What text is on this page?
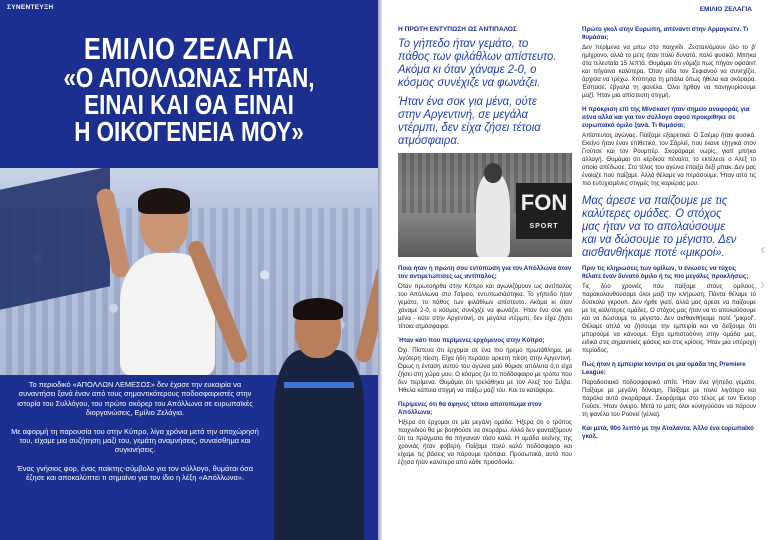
ΣΥΝΕΝΤΕΥΞΗ
ΕΜΙΛΙΟ ΖΕΛΑΓΙΑ
«Ο ΑΠΟΛΛΩΝΑΣ ΗΤΑΝ,
ΕΙΝΑΙ ΚΑΙ ΘΑ ΕΙΝΑΙ
Η ΟΙΚΟΓΕΝΕΙΑ ΜΟΥ»

Το περιοδικό «ΑΠΟΛΛΩΝ ΛΕΜΕΣΟΣ» δεν έχασε την ευκαιρία να συναντήσει ξανά έναν από τους σημαντικότερους ποδοσφαιριστές στην ιστορία του Συλλόγου, του πρώτο σκόρερ του Απόλλωνα σε ευρωπαϊκές διοργανώσεις, Εμίλιο Ζελάγια.

Με αφορμή τη παρουσία του στην Κύπρο, λίγα χρόνια μετά την αποχώρησή του, είχαμε μια συζήτηση μαζί του, γεμάτη αναμνήσεις, συναίσθημα και συγκινήσεις.

Ένας γνήσιος φορ, ένας παίκτης-σύμβολο για τον σύλλογο, θυμάται όσα έζησε και αποκαλύπτει τι σημαίνει για τον ίδιο η λέξη «Απόλλωνα».

ΕΜΙΛΙΟ ΖΕΛΑΓΙΑ
Η ΠΡΩΤΗ ΕΝΤΥΠΩΣΗ ΩΣ ΑΝΤΙΠΑΛΟΣ
Το γήπεδο ήταν γεμάτο, το πάθος των φιλάθλων απίστευτο. Ακόμα κι όταν χάναμε 2-0, ο κόσμος συνέχιζε να φωνάζει.
Ήταν ένα σοκ για μένα, ούτε στην Αργεντινή, σε μεγάλα ντέρμπι, δεν είχα ζήσει τέτοια ατμόσφαιρα.
FON
SPORT
Ποια ήταν η πρώτη σου εντύπωση για τον Απόλλωνα όταν τον αντιμετώπισες ως αντίπαλος;
Όταν πρωτοήρθα στην Κύπρο και αγωνιζόμουν ως αντίπαλος του Απόλλωνα στο Τσίρειο, εντυπωσιάστηκα. Το γήπεδο ήταν γεμάτο, το πάθος των φιλάθλων απίστευτο. Ακόμα κι όταν χάναμε 2-0, ο κόσμος συνέχιζε να φωνάζει. Ήταν ένα σοκ για μένα - ούτε στην Αργεντινή, σε μεγάλα ντέρμπι, δεν είχα ζήσει τέτοια ατμόσφαιρα.
Ήταν κάτι που περίμενες ερχόμενος στην Κύπρο;
Όχι. Πίστευα ότι έρχομαι σε ένα πιο ήρεμο πρωτάθλημα, με λιγότερη πίεση. Είχα ήδη περάσει αρκετή πίεση στην Αργεντινή. Όμως η ένταση αυτού του αγώνα μού θύμισε απόλυτα ό,τι είχα ζήσει στη χώρα μου. Ο κόσμος ζει το ποδόσφαιρο με τρόπο που δεν περίμενα. Θυμάμαι ότι τρελάθηκα με τον Αλεξ του Σιλβα. Ήθελα κάποια στιγμή να παίξω μαζί του. Και το κατάφερα.
Περίμενες ότι θα άφηνες τέτοιο αποτύπωμα στον Απόλλωνα;
Ήξερα ότι έρχομαι σε μία μεγάλη ομάδα. Ήξερα ότι ο τρόπος παιχνιδιού θα με βοηθούσε να σκοράρω. Αλλά δεν φανταζόμουν ότι τα πράγματα θα πήγαιναν τόσο καλά. Η ομάδα εκείνης της χρονιάς ήταν φοβερή. Παίζαμε πολύ καλό ποδόσφαιρο και είχαμε τις βάσεις να πάρουμε τρόπαια. Προσωπικά, αυτό που έζησα ήταν καλύτερο από κάθε προσδοκία.
Πρώτο γκολ στην Ευρώπη, απέναντι στην Αρμαγκετν. Τι θυμάσαι;
Δεν περίμενα να μπω στο παιχνίδι. Ζεσταινόμουν όλο το β' ημίχρονο, αλλά το μετς ήταν πολύ δυνατό, πολύ φυσικό. Μπήκα στα τελευταία 15 λεπτά. Θυμάμαι ότι νόμιζα πως πήγαν οφσάιντ και πήγαινα καλύτερα. Όταν είδα τον Σεφιανού να συνεχίζει, άρχισα να τρέχω. Χτύπησα τη μπάλα όπως ήθελα και σκόραρα. Έσπασε, έβγαλα τη φανέλα. Όλοι ήρθαν να πανηγυρίσουμε μαζί. Ήταν μια απίστευτη στιγμή.
Η πρόκριση επί της Μίνσκαντ ήταν σημείο αναφοράς για σένα αλλά και για τον σύλλογο αφού προκρίθηκε σε ευρωπαϊκό όμιλο ξανά. Τι θυμάσαι;
Απίστευτος αγώνας. Παίξαμε εξαιρετικά. Ο Σαέμιρ ήταν φυσικά. Εκείνο ήταν έναν επίθετικό, τον Σάρλεϊ, που έκανε εξηγικά στον Γιούτσε και τον Ρουμπέρ. Σκοράραμε νωρίς, γιατί μπήκα αλλαγή. Θυμάμαι ότι κέρδισα πέναλτι, το εκτέλεσε ο Αλεξ το οποίο απέδωσε. Στο τέλος του αγώνα έπαιξα δεξί μπακ. Δεν μας ένοιαζε πού παίζαμε. Αλλά θέλαμε να περάσουμε. Ήταν από τις πιο ευτυχισμένες στιγμές της καριέρας μου.
Μας άρεσε να παίζουμε με τις καλύτερες ομάδες. Ο στόχος μας ήταν να το απολαύσουμε και να δώσουμε το μέγιστο. Δεν αισθανθήκαμε ποτέ «μικροί».
Πριν τις κληρώσεις των ομίλων, τι ένιωσες να τύχεις θέλατε έναν δυνατό όμιλο ή τις πιο μεγάλες προκλήσεις;
Τις δύο χρονιές που παίξαμε στους ομίλους, παρακολουθούσαμε όλοι μαζί την κλήρωση. Πάντα θέλαμε το δύσκολο γκρουπ. Δεν ήρθε γιατί, αλλά μας άρεσε να παίζουμε με τις καλύτερες ομάδες. Ο στόχος μας ήταν να το απολαύσουμε και να δώσουμε το μέγιστο. Δεν αισθανθήκαμε ποτέ "μικροί". Θέλαμε απλά να ζήσουμε την εμπειρία και να δείξουμε ότι μπορούμε να κάνουμε. Είχα εμπιστοσύνη στην ομάδα μας, ειδικά στις σημαντικές φάσεις και στις κρίσεις. Ήταν μια υπέροχη περίοδος.
Πώς ήταν η εμπειρία κόντρα σε μια ομάδα της Premiere League;
Παραδοσιακό ποδοσφαιρικό σπίτι. Ήταν ένα γήπεδο γεμάτο. Παίξαμε με μεγάλη δύναμη. Παίξαμε με πολύ λιγότερο και παρόλα αυτά σκοράραμε. Σκοράραμε στο τέλος με τον Έκτορ Γιούσε. Ήταν όνειρο. Μετά το ματς όλοι κυνηγούσαν να πάρουν τη φανέλα του Ρούνεϊ (γέλια).
Και μετά, 90ό λεπτό με την Αταλάντα. Άλλο ένα ευρωπαϊκό γκολ.
‹
›
